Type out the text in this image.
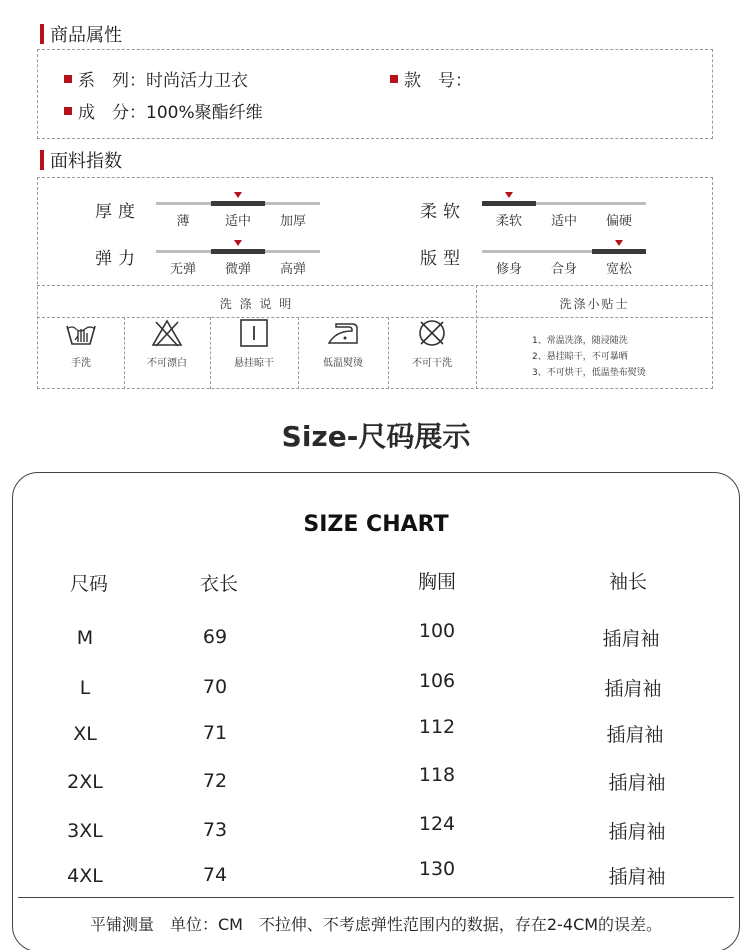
商品属性
系　列： 时尚活力卫衣	款　号：
成　分： 100%聚酯纤维
面料指数
厚度	薄	适中	加厚
弹力
无弹	微弹	高弹
柔软	柔软	适中	偏硬
版型
修身	合身	宽松
洗 涤 说 明	洗涤小贴士
手洗	不可漂白	悬挂晾干	低温熨烫	不可干洗
1、常温洗涤，随浸随洗
2、悬挂晾干，不可暴晒
3、不可烘干，低温垫布熨烫
Size-尺码展示
SIZE CHART
尺码	衣长	胸围	袖长
M	69	100	插肩袖
L	70	106	插肩袖
XL	71	112	插肩袖
2XL	72	118	插肩袖
3XL	73	124	插肩袖
4XL	74	130	插肩袖
平铺测量　单位：CM　不拉伸、不考虑弹性范围内的数据，存在2-4CM的误差。
